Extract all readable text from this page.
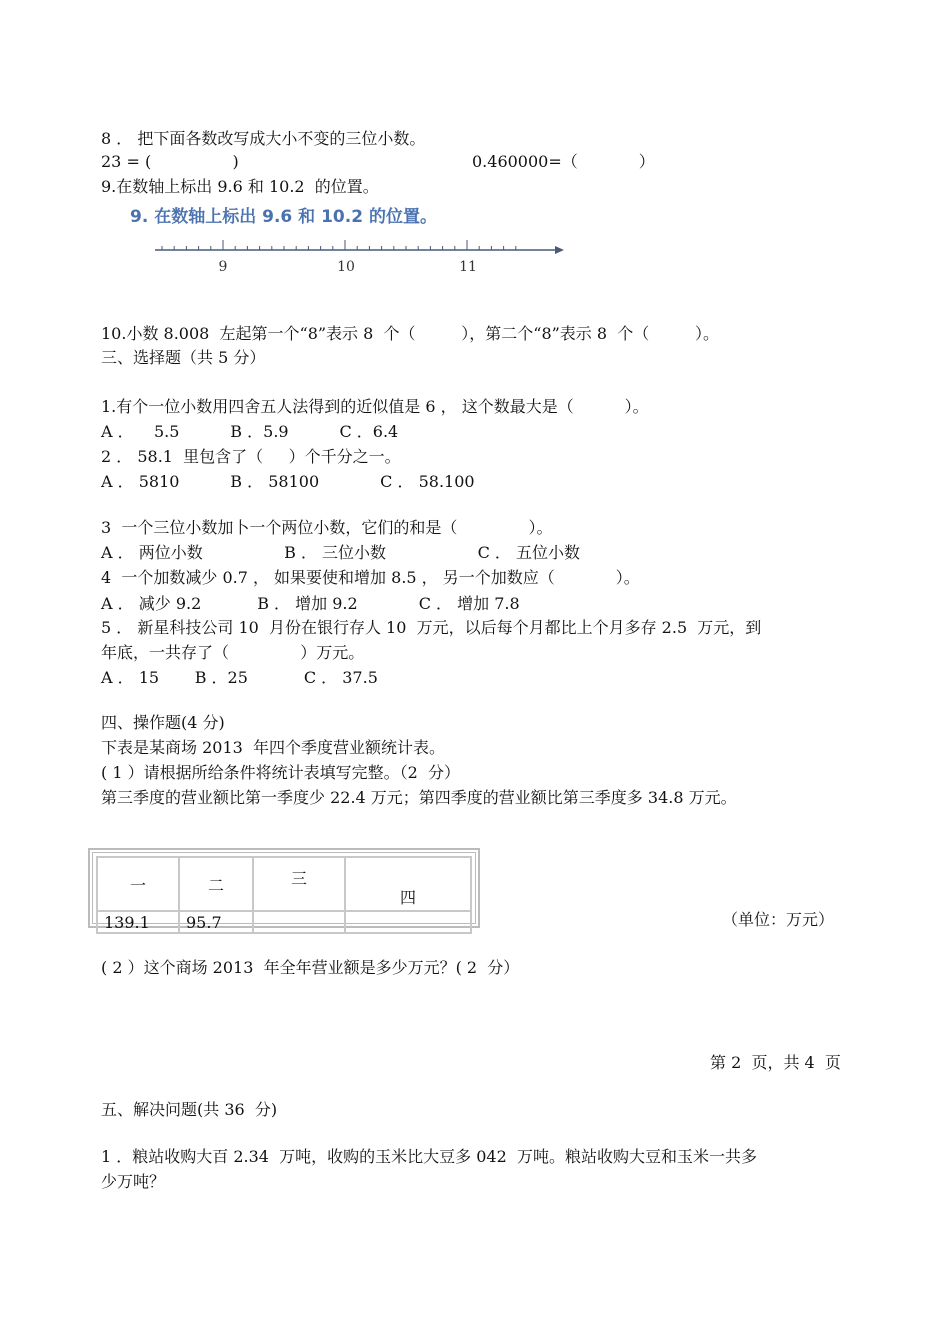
8 ． 把下面各数改写成大小不变的三位小数。
23 = (                )	0.460000=（            ）
9.在数轴上标出 9.6 和 10.2  的位置。
9. 在数轴上标出 9.6 和 10.2 的位置。
9	10	11
10.小数 8.008  左起第一个“8”表示 8  个（         ），第二个“8”表示 8  个（         ）。
三、选择题（共 5 分）
1.有个一位小数用四舍五人法得到的近似值是 6 ， 这个数最大是（          ）。
A ．    5.5          B ．5.9          C ．6.4
2 ． 58.1  里包含了（     ）个千分之一。
A ． 5810          B ． 58100            C ． 58.100
3  一个三位小数加卜一个两位小数，它们的和是（              ）。
A ． 两位小数                B ． 三位小数                  C ． 五位小数
4  一个加数减少 0.7 ， 如果要使和增加 8.5 ， 另一个加数应（            ）。
A ． 减少 9.2           B ． 增加 9.2            C ． 增加 7.8
5 ． 新星科技公司 10  月份在银行存人 10  万元，以后每个月都比上个月多存 2.5  万元，到
年底，一共存了（              ）万元。
A ． 15       B ．25           C ． 37.5
四、操作题(4 分)
下表是某商场 2013  年四个季度营业额统计表。
( 1 ）请根据所给条件将统计表填写完整。（2  分）
第三季度的营业额比第一季度少 22.4 万元；第四季度的营业额比第三季度多 34.8 万元。
一	二	三	四
139.1	95.7			（单位：万元）
( 2 ）这个商场 2013  年全年营业额是多少万元？( 2  分）
第 2  页，共 4  页
五、解决问题(共 36  分)
1 ．粮站收购大百 2.34  万吨，收购的玉米比大豆多 042  万吨。粮站收购大豆和玉米一共多
少万吨？
